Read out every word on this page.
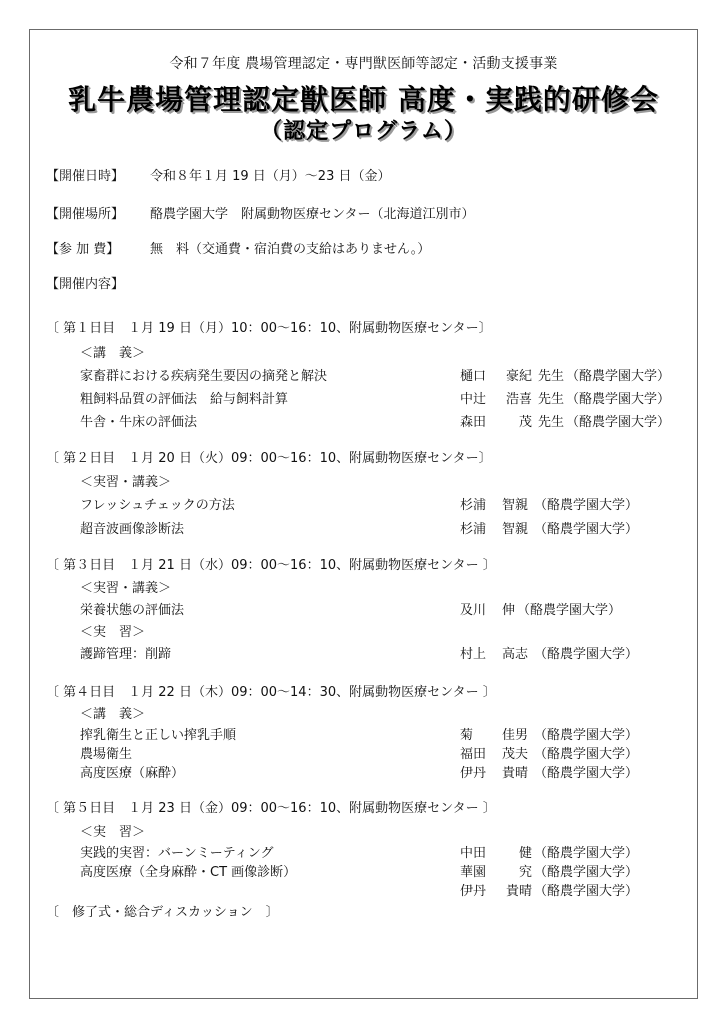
令和７年度 農場管理認定・専門獣医師等認定・活動支援事業
乳牛農場管理認定獣医師 高度・実践的研修会
（認定プログラム）
【開催日時】 令和８年１月 19 日（月）～23 日（金）
【開催場所】 酪農学園大学　附属動物医療センター（北海道江別市）
【参 加 費】 無　料（交通費・宿泊費の支給はありません。）
【開催内容】
〔 第１日目　１月 19 日（月）10：00～16：10、附属動物医療センター〕
＜講　義＞
家畜群における疾病発生要因の摘発と解決	樋口 豪紀 先生 （酪農学園大学）
粗飼料品質の評価法　給与飼料計算	中辻 浩喜 先生 （酪農学園大学）
牛舎・牛床の評価法	森田	茂 先生 （酪農学園大学）
〔 第２日目　１月 20 日（火）09：00～16：10、附属動物医療センター〕
＜実習・講義＞
フレッシュチェックの方法	杉浦 智親 （酪農学園大学）
超音波画像診断法	杉浦 智親 （酪農学園大学）
〔 第３日目　１月 21 日（水）09：00～16：10、附属動物医療センター 〕
＜実習・講義＞
栄養状態の評価法	及川 伸 （酪農学園大学）
＜実　習＞
護蹄管理：削蹄	村上 高志 （酪農学園大学）
〔 第４日目　１月 22 日（木）09：00～14：30、附属動物医療センター 〕
＜講　義＞
搾乳衛生と正しい搾乳手順	菊 佳男 （酪農学園大学）
農場衛生	福田 茂夫 （酪農学園大学）
高度医療（麻酔）	伊丹 貴晴 （酪農学園大学）
〔 第５日目　１月 23 日（金）09：00～16：10、附属動物医療センター 〕
＜実　習＞
実践的実習：バーンミーティング	中田	健 （酪農学園大学）
高度医療（全身麻酔・CT 画像診断）	華園	究 （酪農学園大学）
伊丹 貴晴 （酪農学園大学）
〔　修了式・総合ディスカッション　〕
